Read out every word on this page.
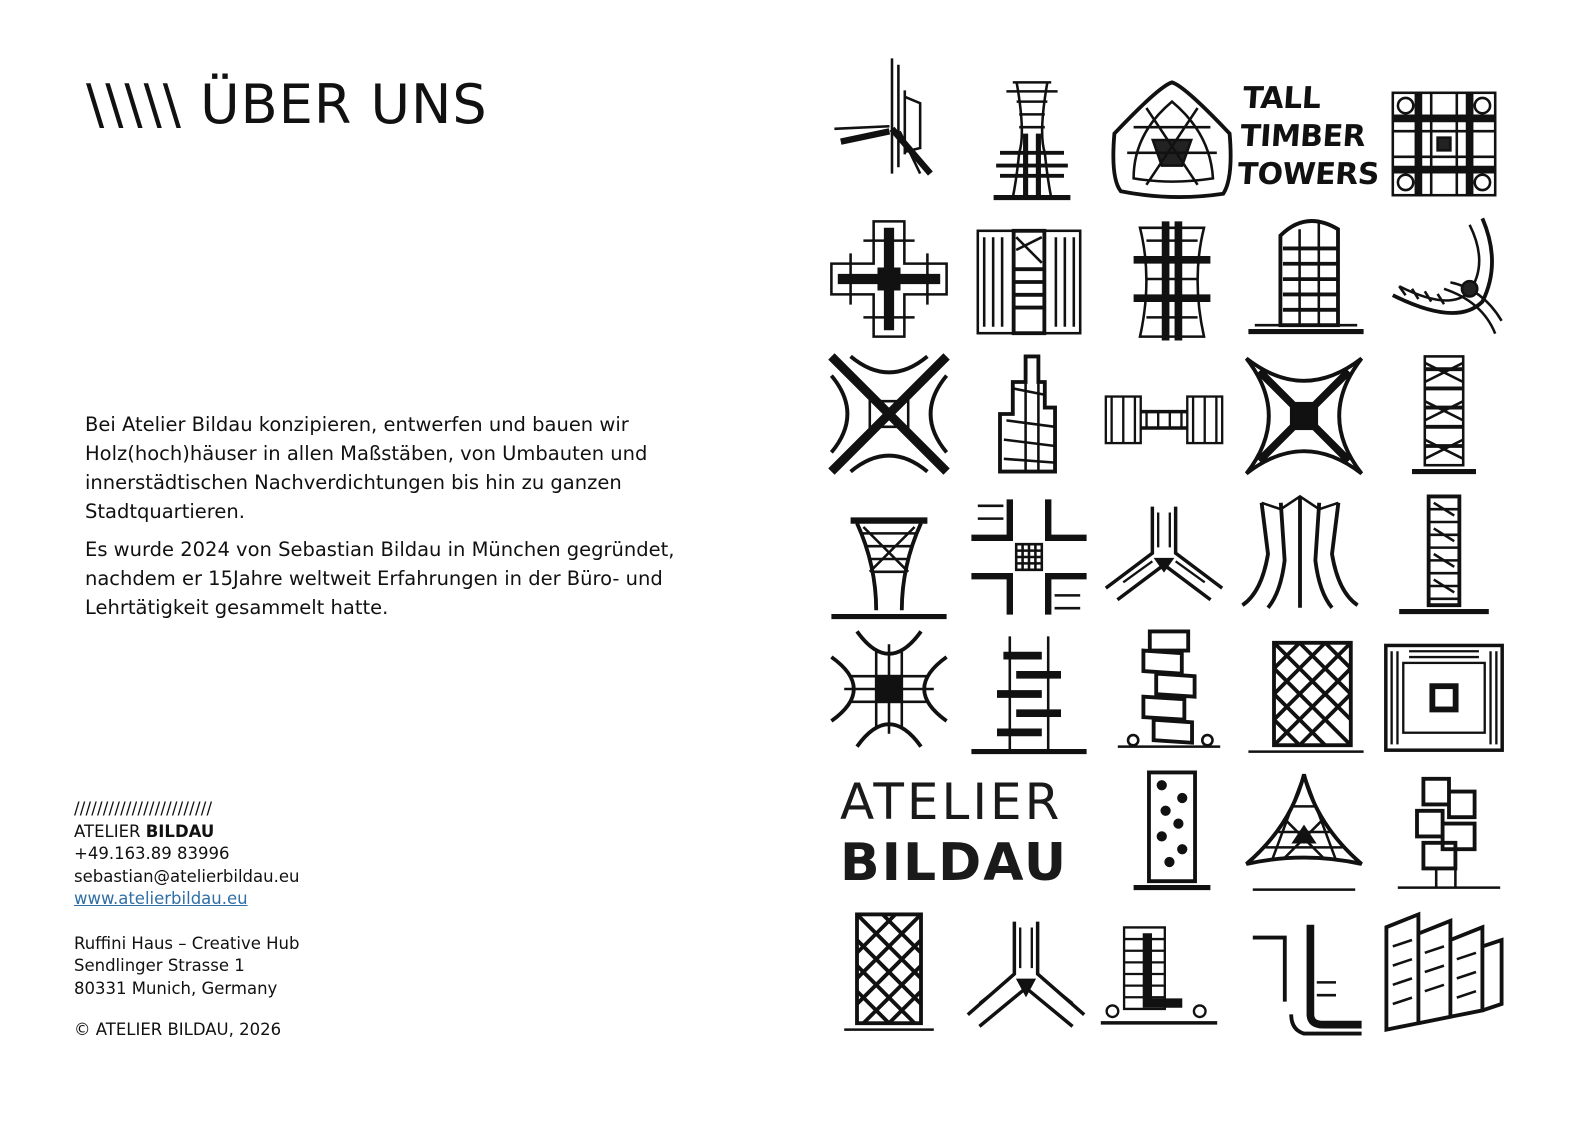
\\\\\ ÜBER UNS

Bei Atelier Bildau konzipieren, entwerfen und bauen wir Holz(hoch)häuser in allen Maßstäben, von Umbauten und innerstädtischen Nachverdichtungen bis hin zu ganzen Stadtquartieren.

Es wurde 2024 von Sebastian Bildau in München gegründet, nachdem er 15Jahre weltweit Erfahrungen in der Büro- und Lehrtätigkeit gesammelt hatte.

////////////////////////
ATELIER BILDAU
+49.163.89 83996
sebastian@atelierbildau.eu
www.atelierbildau.eu
Ruffini Haus – Creative Hub
Sendlinger Strasse 1
80331 Munich, Germany
© ATELIER BILDAU, 2026
TALL
TIMBER
TOWERS
ATELIER
BILDAU
